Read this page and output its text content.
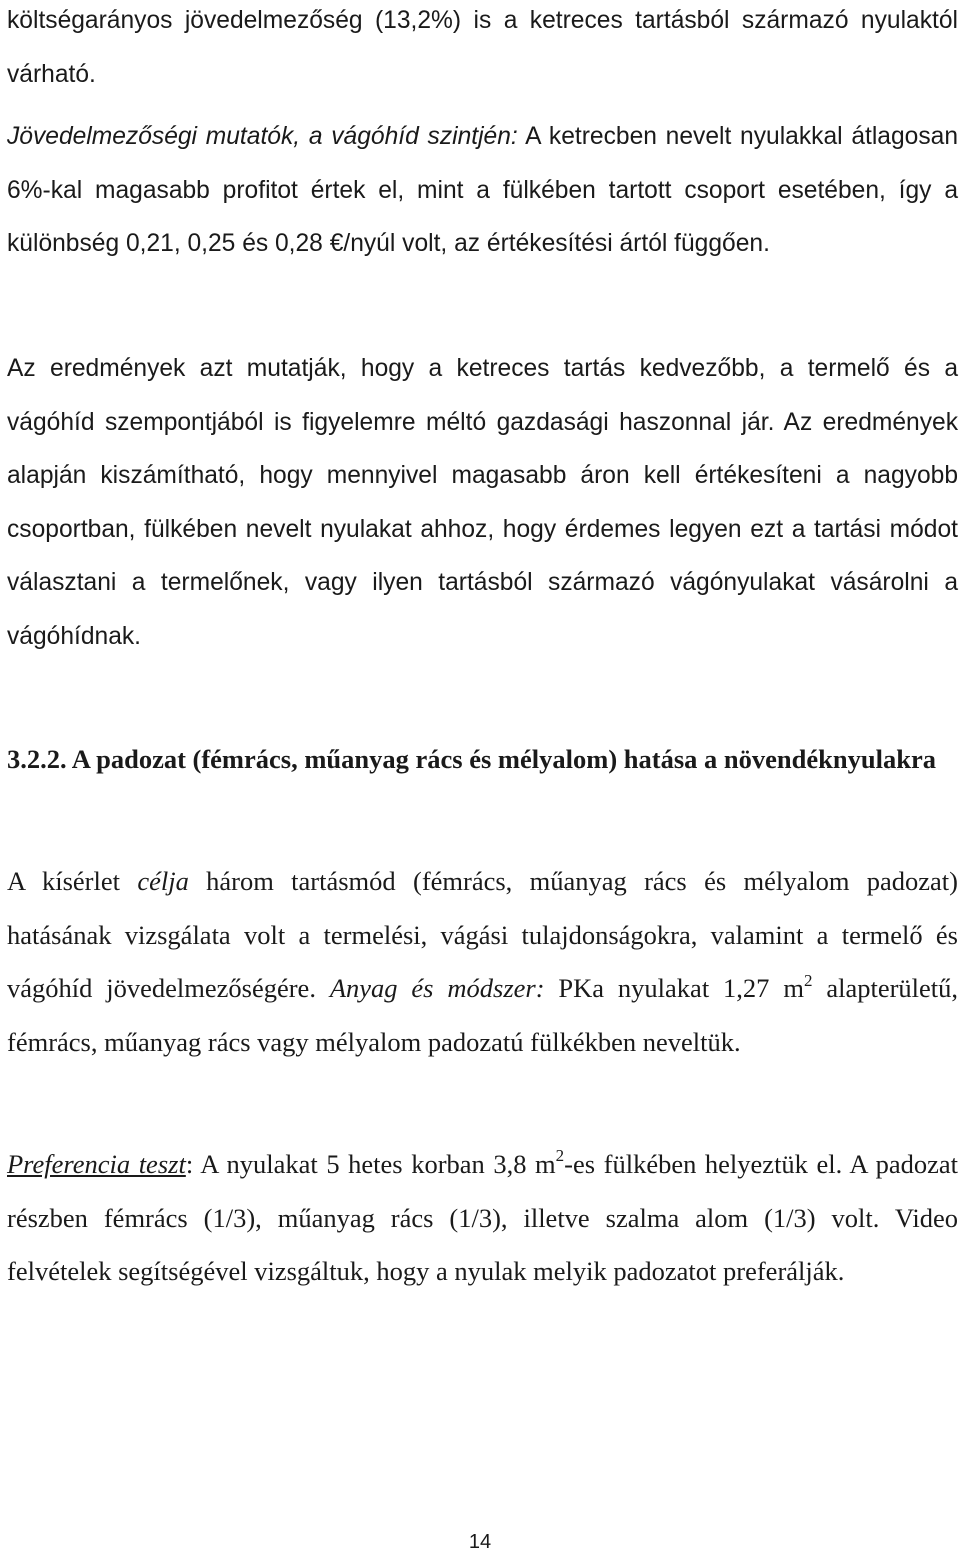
költségarányos jövedelmezőség (13,2%) is a ketreces tartásból származó nyulaktól várható.

Jövedelmezőségi mutatók, a vágóhíd szintjén: A ketrecben nevelt nyulakkal átlagosan 6%-kal magasabb profitot értek el, mint a fülkében tartott csoport esetében, így a különbség 0,21, 0,25 és 0,28 €/nyúl volt, az értékesítési ártól függően.

Az eredmények azt mutatják, hogy a ketreces tartás kedvezőbb, a termelő és a vágóhíd szempontjából is figyelemre méltó gazdasági haszonnal jár. Az eredmények alapján kiszámítható, hogy mennyivel magasabb áron kell értékesíteni a nagyobb csoportban, fülkében nevelt nyulakat ahhoz, hogy érdemes legyen ezt a tartási módot választani a termelőnek, vagy ilyen tartásból származó vágónyulakat vásárolni a vágóhídnak.

3.2.2. A padozat (fémrács, műanyag rács és mélyalom) hatása a növendéknyulakra

A kísérlet célja három tartásmód (fémrács, műanyag rács és mélyalom padozat) hatásának vizsgálata volt a termelési, vágási tulajdonságokra, valamint a termelő és vágóhíd jövedelmezőségére. Anyag és módszer: PKa nyulakat 1,27 $m^2$ alapterületű, fémrács, műanyag rács vagy mélyalom padozatú fülkékben neveltük.

Preferencia teszt: A nyulakat 5 hetes korban 3,8 $m^2-es$ fülkében helyeztük el. A padozat részben fémrács (1/3), műanyag rács (1/3), illetve szalma alom (1/3) volt. Video felvételek segítségével vizsgáltuk, hogy a nyulak melyik padozatot preferálják.

14
